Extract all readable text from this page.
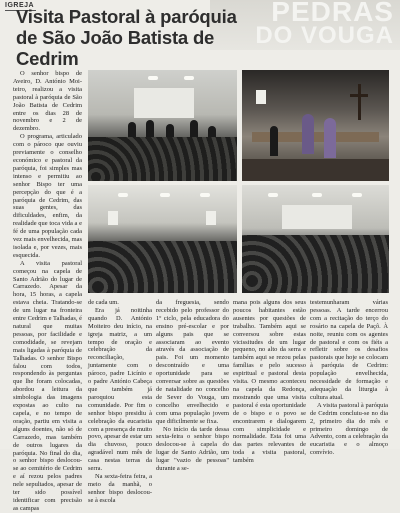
PEDRAS
DO VOUGA
IGREJA
Visita Pastoral à paróquia de São João Batista de Cedrim

O senhor bispo de Aveiro, D. António Moi-teiro, realizou a visita pastoral à paróquia de São João Batista de Cedrim entre os dias 28 de novembro e 2 de dezembro.

O programa, articulado com o pároco que ouviu previamente o conselho económico e pastoral da paróquia, foi simples mas intenso e permitiu ao senhor Bispo ter uma percepção do que é a paróquia de Cedrim, das suas gentes, das dificuldades, enfim, da realidade que toca vida a e fé de uma população cada vez mais envelhecida, mas isolada e, por vezes, mais esquecida.

A visita pastoral começou na capela de Santo Adrião do lugar de Carrazedo. Apesar da hora, 15 horas, a capela estava cheia. Tratando-se de um lugar na fronteira entre Cedrim e Talhadas, é natural que muitas pessoas, por facilidade e comodidade, se revejam mais ligadas à paróquia de Talhadas. O senhor Bispo falou com todos, respondendo às perguntas que lhe foram colocadas, abordou a leitura da simbologia das imagens expostas ao culto na capela, e no tempo de oração, partiu em visita a alguns doentes, não só de Carrazedo, mas também de outros lugares da paróquia. No final do dia, o senhor bispo deslocou-se ao cemitério de Cedrim e aí rezou pelos padres nele sepultados, apesar de ter sido possível identificar com precisão as campas

de cada um.

Era já noitinha quando D. António Moiteiro deu início, na igreja matriz, a um tempo de oração e celebração da reconciliação, juntamente com o pároco, padre Licínio e o padre António Cabeça que também já paroquiou esta comunidade. Por fim o senhor bispo presidiu à celebração da eucaristia com a presença de muito povo, apesar de estar um dia chuvoso, pouco agradável num mês de casa nestas terras da serra.

Na sexta-feira feira, a meio da manhã, o senhor bispo deslocou-se à escola

da freguesia, sendo recebido pelo professor do 1º ciclo, pela educadora do ensino pré-escolar e por alguns pais que se associaram ao evento através da associação de pais. Foi um momento descontraído e uma oportunidade para se conversar sobre as questões de natalidade no concelho de Sever do Vouga, um concelho envelhecido e com uma população jovem que dificilmente se fixa.

No início da tarde dessa sexta-feira o senhor bispo deslocou-se à capela do lugar de Santo Adrião, um lugar "vazio de pessoas" durante a se-

mana pois alguns dos seus poucos habitantes estão ausentes por questões de trabalho. Também aqui se conversou sobre estas vicissitudes de um lugar pequeno, no alto da serra e também aqui se rezou pelas famílias e pelo sucesso espiritual e pastoral desta visita. O mesmo aconteceu na capela da Redonça, mostrando que uma visita pastoral é esta oportunidade de o bispo e o povo se encontrarem e dialogarem com simplicidade e normalidade. Esta foi uma das partes relevantes de toda a visita pastoral, também

testemunharam várias pessoas. A tarde encerrou com a recitação do terço do rosário na capela de Paçô. À noite, reuniu com os agentes de pastoral e com os fiéis a refletir sobre os desafios pastorais que hoje se colocam à paróquia de Cedrim: população envelhecida, necessidade de formação e adequação da liturgia à cultura atual.

A visita pastoral à paróquia de Cedrim concluiu-se no dia 2, primeiro dia do mês e primeiro domingo de Advento, com a celebração da eucaristia e o almoço convívio.
